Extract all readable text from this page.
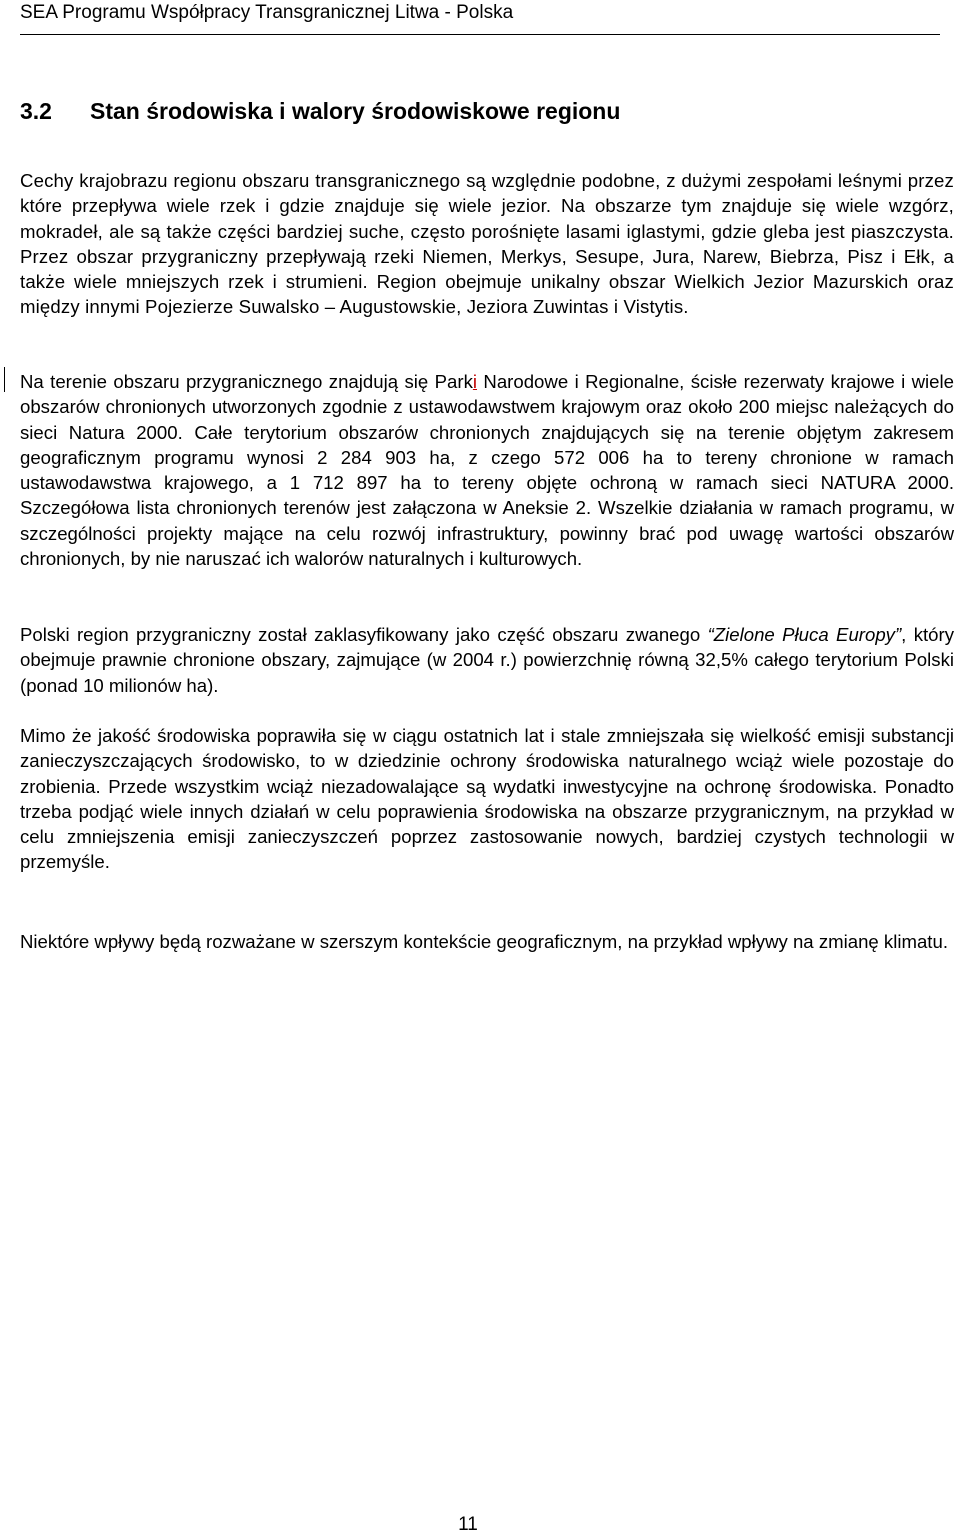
SEA Programu Współpracy Transgranicznej Litwa - Polska
3.2 Stan środowiska i walory środowiskowe regionu

Cechy krajobrazu regionu obszaru transgranicznego są względnie podobne, z dużymi zespołami leśnymi przez które przepływa wiele rzek i gdzie znajduje się wiele jezior. Na obszarze tym znajduje się wiele wzgórz, mokradeł, ale są także części bardziej suche, często porośnięte lasami iglastymi, gdzie gleba jest piaszczysta. Przez obszar przygraniczny przepływają rzeki Niemen, Merkys, Sesupe, Jura, Narew, Biebrza, Pisz i Ełk, a także wiele mniejszych rzek i strumieni. Region obejmuje unikalny obszar Wielkich Jezior Mazurskich oraz między innymi Pojezierze Suwalsko – Augustowskie, Jeziora Zuwintas i Vistytis.

Na terenie obszaru przygranicznego znajdują się Parki Narodowe i Regionalne, ścisłe rezerwaty krajowe i wiele obszarów chronionych utworzonych zgodnie z ustawodawstwem krajowym oraz około 200 miejsc należących do sieci Natura 2000. Całe terytorium obszarów chronionych znajdujących się na terenie objętym zakresem geograficznym programu wynosi 2 284 903 ha, z czego 572 006 ha to tereny chronione w ramach ustawodawstwa krajowego, a 1 712 897 ha to tereny objęte ochroną w ramach sieci NATURA 2000. Szczegółowa lista chronionych terenów jest załączona w Aneksie 2. Wszelkie działania w ramach programu, w szczególności projekty mające na celu rozwój infrastruktury, powinny brać pod uwagę wartości obszarów chronionych, by nie naruszać ich walorów naturalnych i kulturowych.

Polski region przygraniczny został zaklasyfikowany jako część obszaru zwanego “Zielone Płuca Europy”, który obejmuje prawnie chronione obszary, zajmujące (w 2004 r.) powierzchnię równą 32,5% całego terytorium Polski (ponad 10 milionów ha).

Mimo że jakość środowiska poprawiła się w ciągu ostatnich lat i stale zmniejszała się wielkość emisji substancji zanieczyszczających środowisko, to w dziedzinie ochrony środowiska naturalnego wciąż wiele pozostaje do zrobienia. Przede wszystkim wciąż niezadowalające są wydatki inwestycyjne na ochronę środowiska. Ponadto trzeba podjąć wiele innych działań w celu poprawienia środowiska na obszarze przygranicznym, na przykład w celu zmniejszenia emisji zanieczyszczeń poprzez zastosowanie nowych, bardziej czystych technologii w przemyśle.

Niektóre wpływy będą rozważane w szerszym kontekście geograficznym, na przykład wpływy na zmianę klimatu.

11
